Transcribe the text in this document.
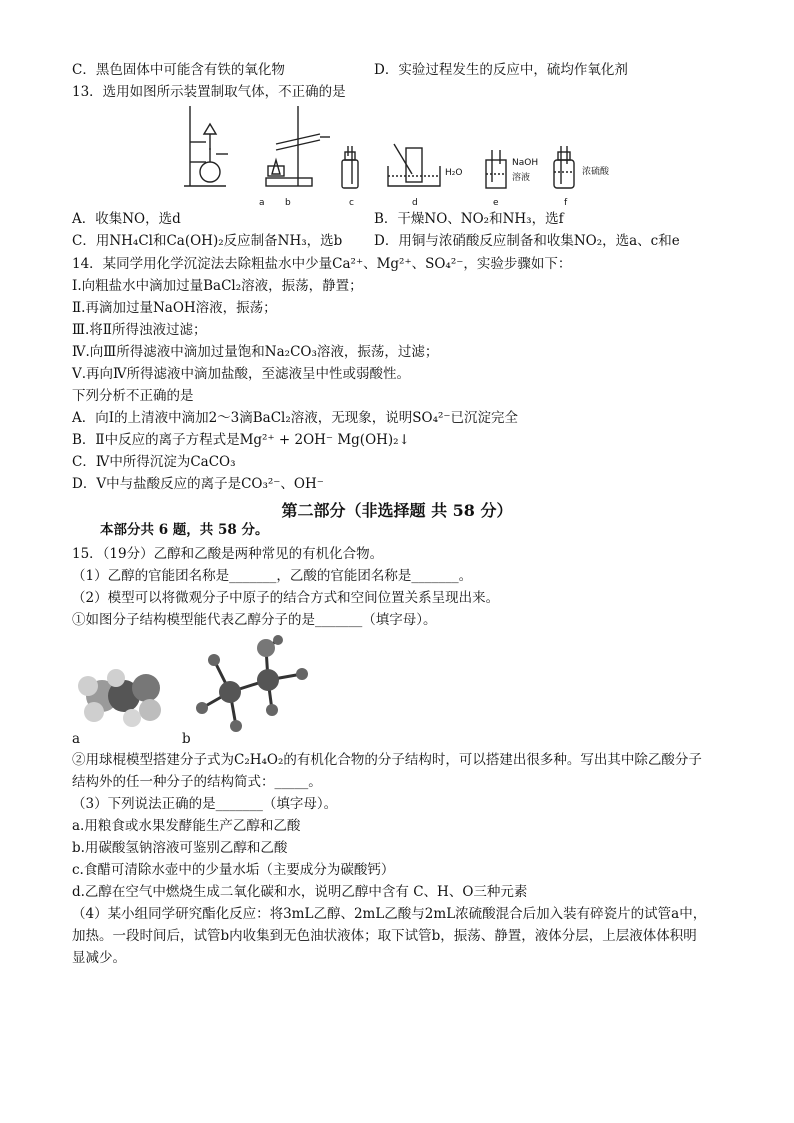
C．黑色固体中可能含有铁的氧化物	D．实验过程发生的反应中，硫均作氧化剂
13．选用如图所示装置制取气体，不正确的是
a b	c	d	e	f
H₂O
NaOH
溶液
浓硫酸
A．收集NO，选d	B．干燥NO、NO₂和NH₃，选f
C．用NH₄Cl和Ca(OH)₂反应制备NH₃，选b D．用铜与浓硝酸反应制备和收集NO₂，选a、c和e
14．某同学用化学沉淀法去除粗盐水中少量Ca²⁺、Mg²⁺、SO₄²⁻，实验步骤如下：
Ⅰ.向粗盐水中滴加过量BaCl₂溶液，振荡，静置；
Ⅱ.再滴加过量NaOH溶液，振荡；
Ⅲ.将Ⅱ所得浊液过滤；
Ⅳ.向Ⅲ所得滤液中滴加过量饱和Na₂CO₃溶液，振荡，过滤；
Ⅴ.再向Ⅳ所得滤液中滴加盐酸，至滤液呈中性或弱酸性。
下列分析不正确的是
A．向Ⅰ的上清液中滴加2～3滴BaCl₂溶液，无现象，说明SO₄²⁻已沉淀完全
B．Ⅱ中反应的离子方程式是Mg²⁺ + 2OH⁻ Mg(OH)₂↓
C．Ⅳ中所得沉淀为CaCO₃
D．Ⅴ中与盐酸反应的离子是CO₃²⁻、OH⁻
第二部分（非选择题 共 58 分）
本部分共 6 题，共 58 分。
15．（19分）乙醇和乙酸是两种常见的有机化合物。
（1）乙醇的官能团名称是_______，乙酸的官能团名称是_______。
（2）模型可以将微观分子中原子的结合方式和空间位置关系呈现出来。
①如图分子结构模型能代表乙醇分子的是_______（填字母）。
a	b
②用球棍模型搭建分子式为C₂H₄O₂的有机化合物的分子结构时，可以搭建出很多种。写出其中除乙酸分子
结构外的任一种分子的结构简式：_____。
（3）下列说法正确的是_______（填字母）。
a.用粮食或水果发酵能生产乙醇和乙酸
b.用碳酸氢钠溶液可鉴别乙醇和乙酸
c.食醋可清除水壶中的少量水垢（主要成分为碳酸钙）
d.乙醇在空气中燃烧生成二氧化碳和水，说明乙醇中含有 C、H、O三种元素
（4）某小组同学研究酯化反应：将3mL乙醇、2mL乙酸与2mL浓硫酸混合后加入装有碎瓷片的试管a中，
加热。一段时间后，试管b内收集到无色油状液体；取下试管b，振荡、静置，液体分层，上层液体体积明
显减少。
